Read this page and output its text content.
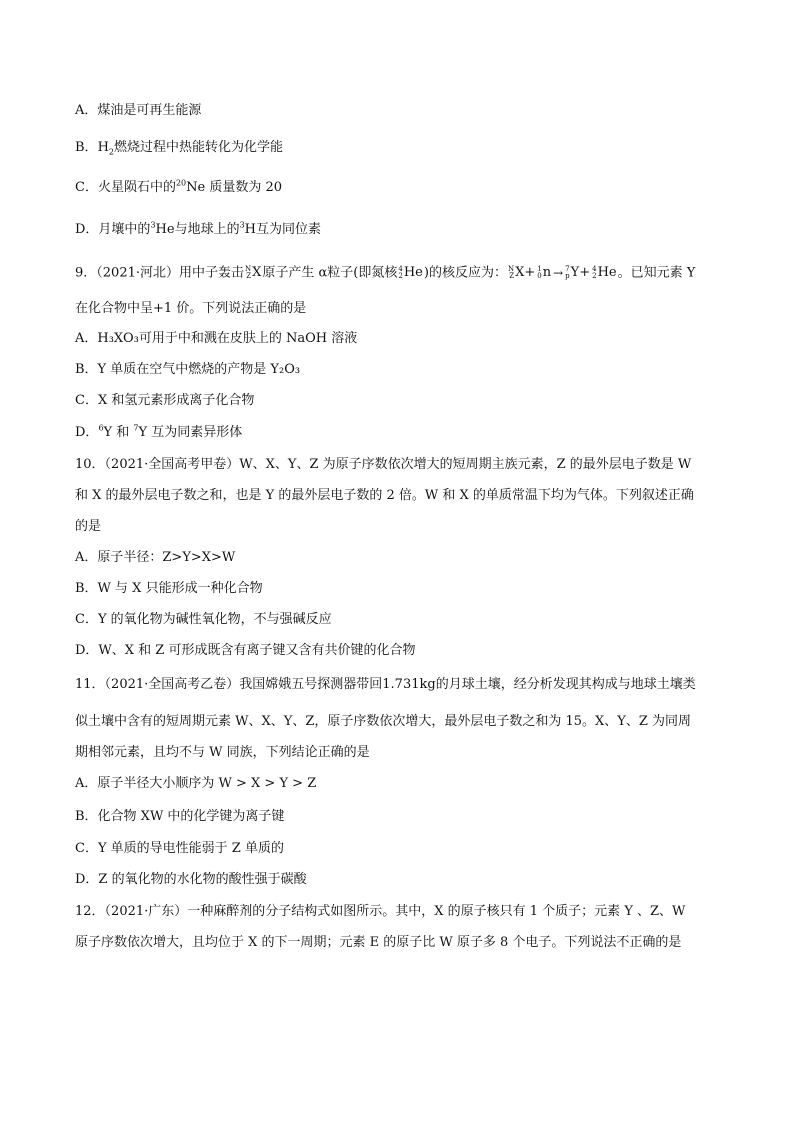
A．煤油是可再生能源
B．$H_2$燃烧过程中热能转化为化学能
C．火星陨石中的$^{20}$Ne 质量数为 20
D．月壤中的$^3$He与地球上的$^3$H互为同位素
9．（2021·河北）用中子轰击 N
Z X原子产生 α粒子(即氮核 4
2 He)的核反应为： N
Z X+ 1
0 n → 7
p Y+ 4
2 He。已知元素 Y
在化合物中呈+1 价。下列说法正确的是
A．H₃XO₃可用于中和溅在皮肤上的 NaOH 溶液
B．Y 单质在空气中燃烧的产物是 Y₂O₃
C．X 和氢元素形成离子化合物
D．$^6$Y 和 $^7$Y 互为同素异形体
10．（2021·全国高考甲卷）W、X、Y、Z 为原子序数依次增大的短周期主族元素，Z 的最外层电子数是 W
和 X 的最外层电子数之和，也是 Y 的最外层电子数的 2 倍。W 和 X 的单质常温下均为气体。下列叙述正确
的是
A．原子半径：Z>Y>X>W
B．W 与 X 只能形成一种化合物
C．Y 的氧化物为碱性氧化物，不与强碱反应
D．W、X 和 Z 可形成既含有离子键又含有共价键的化合物
11．（2021·全国高考乙卷）我国嫦娥五号探测器带回1.731kg的月球土壤，经分析发现其构成与地球土壤类
似土壤中含有的短周期元素 W、X、Y、Z，原子序数依次增大，最外层电子数之和为 15。X、Y、Z 为同周
期相邻元素，且均不与 W 同族，下列结论正确的是
A．原子半径大小顺序为 W > X > Y > Z
B．化合物 XW 中的化学键为离子键
C．Y 单质的导电性能弱于 Z 单质的
D．Z 的氧化物的水化物的酸性强于碳酸
12．（2021·广东）一种麻醉剂的分子结构式如图所示。其中，X 的原子核只有 1 个质子；元素 Y 、Z、W
原子序数依次增大，且均位于 X 的下一周期；元素 E 的原子比 W 原子多 8 个电子。下列说法不正确的是
